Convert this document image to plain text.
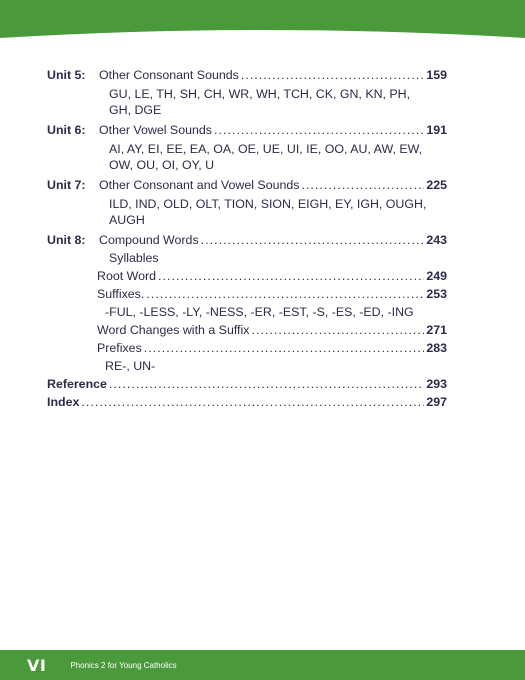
Unit 5:	Other Consonant Sounds . . .	159
GU, LE, TH, SH, CH, WR, WH, TCH, CK, GN, KN, PH, GH, DGE
Unit 6:	Other Vowel Sounds . . .	191
AI, AY, EI, EE, EA, OA, OE, UE, UI, IE, OO, AU, AW, EW, OW, OU, OI, OY, U
Unit 7:	Other Consonant and Vowel Sounds . . .	225
ILD, IND, OLD, OLT, TION, SION, EIGH, EY, IGH, OUGH, AUGH
Unit 8:	Compound Words . . .	243
Syllables
Root Word . . .	249
Suffixes. . . .	253
-FUL, -LESS, -LY, -NESS, -ER, -EST, -S, -ES, -ED, -ING
Word Changes with a Suffix . . .	271
Prefixes . . .	283
RE-, UN-
Reference . . .	293
Index . . .	297
VI	Phonics 2 for Young Catholics
